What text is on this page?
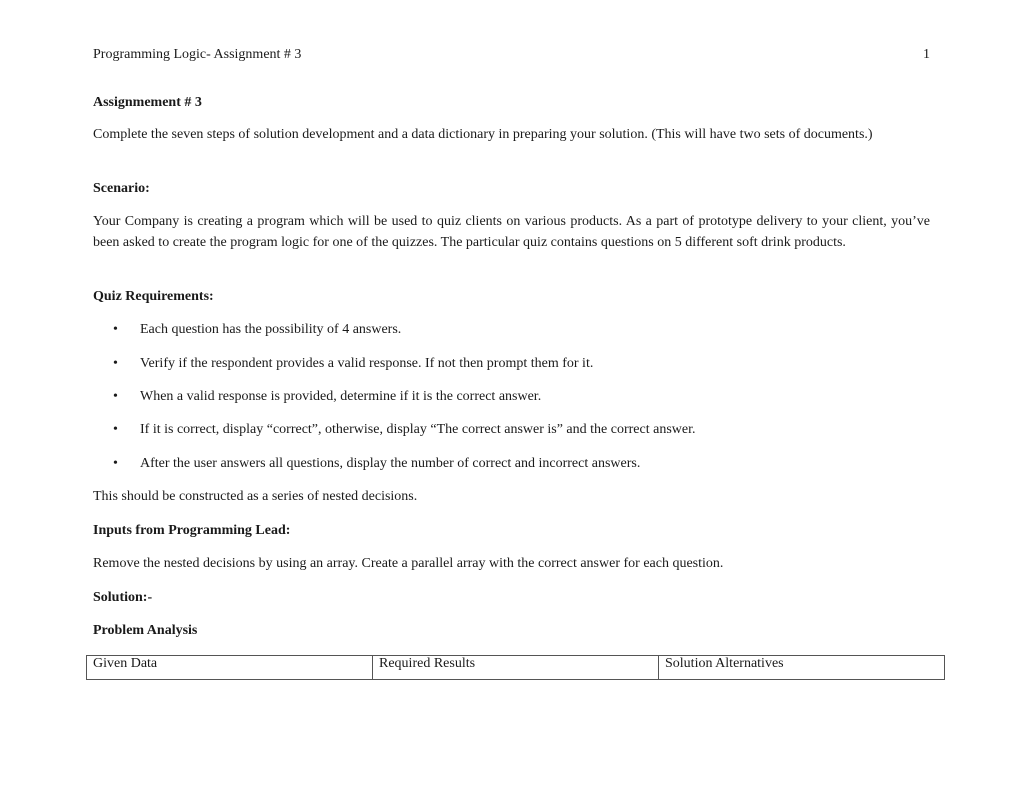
Programming Logic- Assignment # 3	1
Assignmement # 3
Complete the seven steps of solution development and a data dictionary in preparing your solution. (This will have two sets of documents.)
Scenario:
Your Company is creating a program which will be used to quiz clients on various products. As a part of prototype delivery to your client, you’ve been asked to create the program logic for one of the quizzes. The particular quiz contains questions on 5 different soft drink products.
Quiz Requirements:
•	Each question has the possibility of 4 answers.
•	Verify if the respondent provides a valid response. If not then prompt them for it.
•	When a valid response is provided, determine if it is the correct answer.
•	If it is correct, display “correct”, otherwise, display “The correct answer is” and the correct answer.
•	After the user answers all questions, display the number of correct and incorrect answers.
This should be constructed as a series of nested decisions.
Inputs from Programming Lead:
Remove the nested decisions by using an array. Create a parallel array with the correct answer for each question.
Solution:-
Problem Analysis
Given Data	Required Results	Solution Alternatives
